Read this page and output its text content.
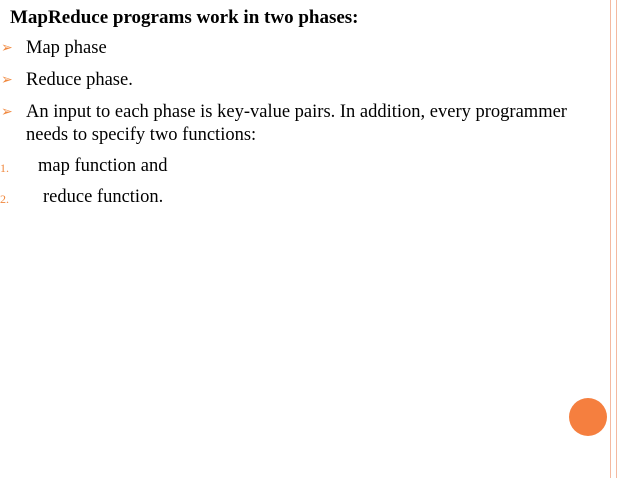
MapReduce programs work in two phases:
➢ Map phase
➢ Reduce phase.
➢ An input to each phase is key-value pairs. In addition, every programmer needs to specify two functions:
1. map function and
2. reduce function.
